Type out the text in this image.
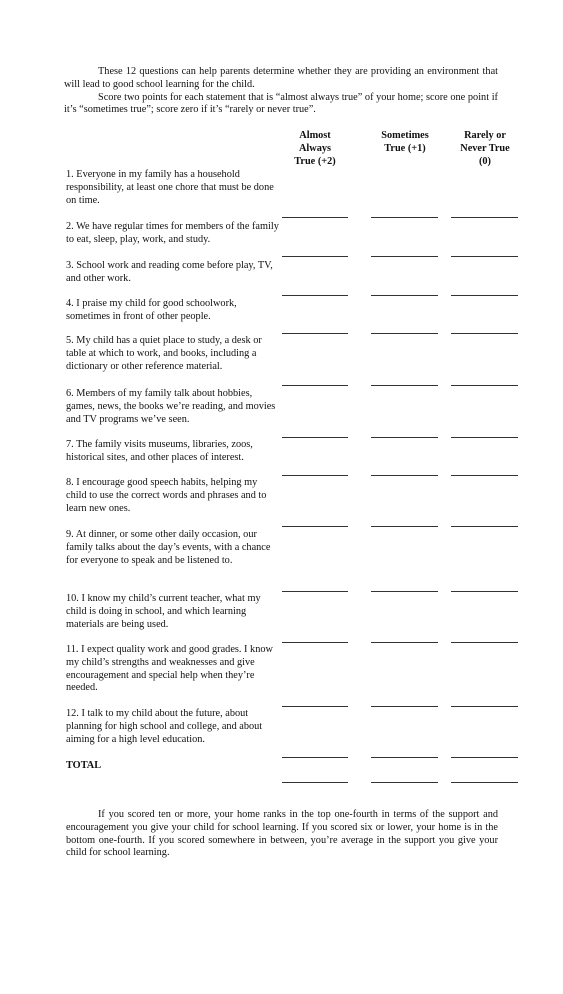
These 12 questions can help parents determine whether they are providing an environment that will lead to good school learning for the child.

Score two points for each statement that is “almost always true” of your home; score one point if it’s “sometimes true”; score zero if it’s “rarely or never true”.

Almost
Always
True (+2)
Sometimes
True (+1)
Rarely or
Never True
(0)
1. Everyone in my family has a household responsibility, at least one chore that must be done on time.
2. We have regular times for members of the family to eat, sleep, play, work, and study.
3. School work and reading come before play, TV, and other work.
4. I praise my child for good schoolwork, sometimes in front of other people.
5. My child has a quiet place to study, a desk or table at which to work, and books, including a dictionary or other reference material.
6. Members of my family talk about hobbies, games, news, the books we’re reading, and movies and TV programs we’ve seen.
7. The family visits museums, libraries, zoos, historical sites, and other places of interest.
8. I encourage good speech habits, helping my child to use the correct words and phrases and to learn new ones.
9. At dinner, or some other daily occasion, our family talks about the day’s events, with a chance for everyone to speak and be listened to.
10. I know my child’s current teacher, what my child is doing in school, and which learning materials are being used.
11. I expect quality work and good grades. I know my child’s strengths and weaknesses and give encouragement and special help when they’re needed.
12. I talk to my child about the future, about planning for high school and college, and about aiming for a high level education.
TOTAL

If you scored ten or more, your home ranks in the top one-fourth in terms of the support and encouragement you give your child for school learning. If you scored six or lower, your home is in the bottom one-fourth. If you scored somewhere in between, you’re average in the support you give your child for school learning.
